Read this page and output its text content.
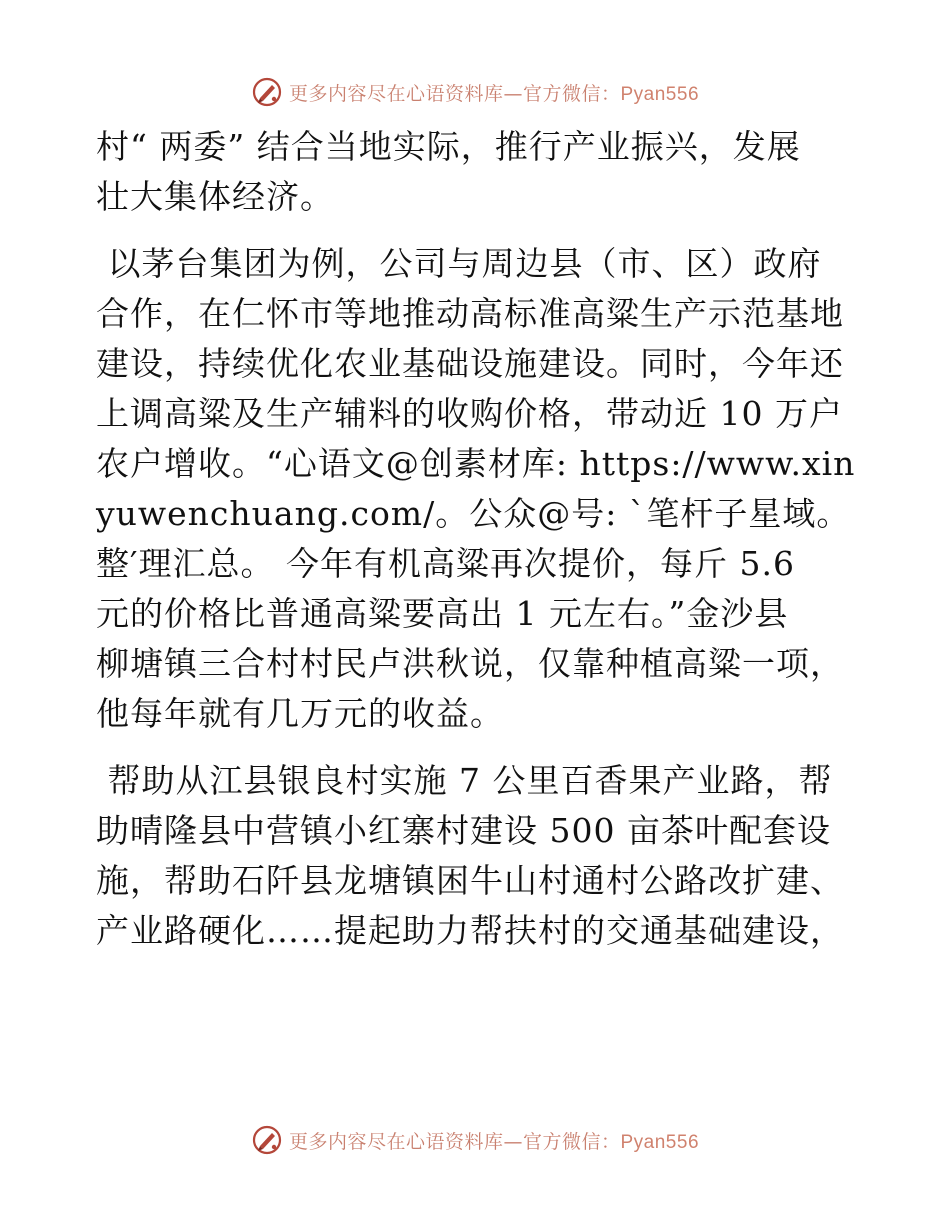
更多内容尽在心语资料库—官方微信：Pyan556

村“ 两委” 结合当地实际，推行产业振兴，发展
壮大集体经济。

以茅台集团为例，公司与周边县（市、区）政府
合作，在仁怀市等地推动高标准高粱生产示范基地
建设，持续优化农业基础设施建设。同时，今年还
上调高粱及生产辅料的收购价格，带动近 10 万户
农户增收。“心语文@创素材库: https://www.xin
yuwenchuang.com/。公众@号: `笔杆子星域。
整′理汇总。 今年有机高粱再次提价，每斤 5.6
元的价格比普通高粱要高出 1 元左右。”金沙县
柳塘镇三合村村民卢洪秋说，仅靠种植高粱一项，
他每年就有几万元的收益。

帮助从江县银良村实施 7 公里百香果产业路，帮
助晴隆县中营镇小红寨村建设 500 亩茶叶配套设
施，帮助石阡县龙塘镇困牛山村通村公路改扩建、
产业路硬化……提起助力帮扶村的交通基础建设，

更多内容尽在心语资料库—官方微信：Pyan556
